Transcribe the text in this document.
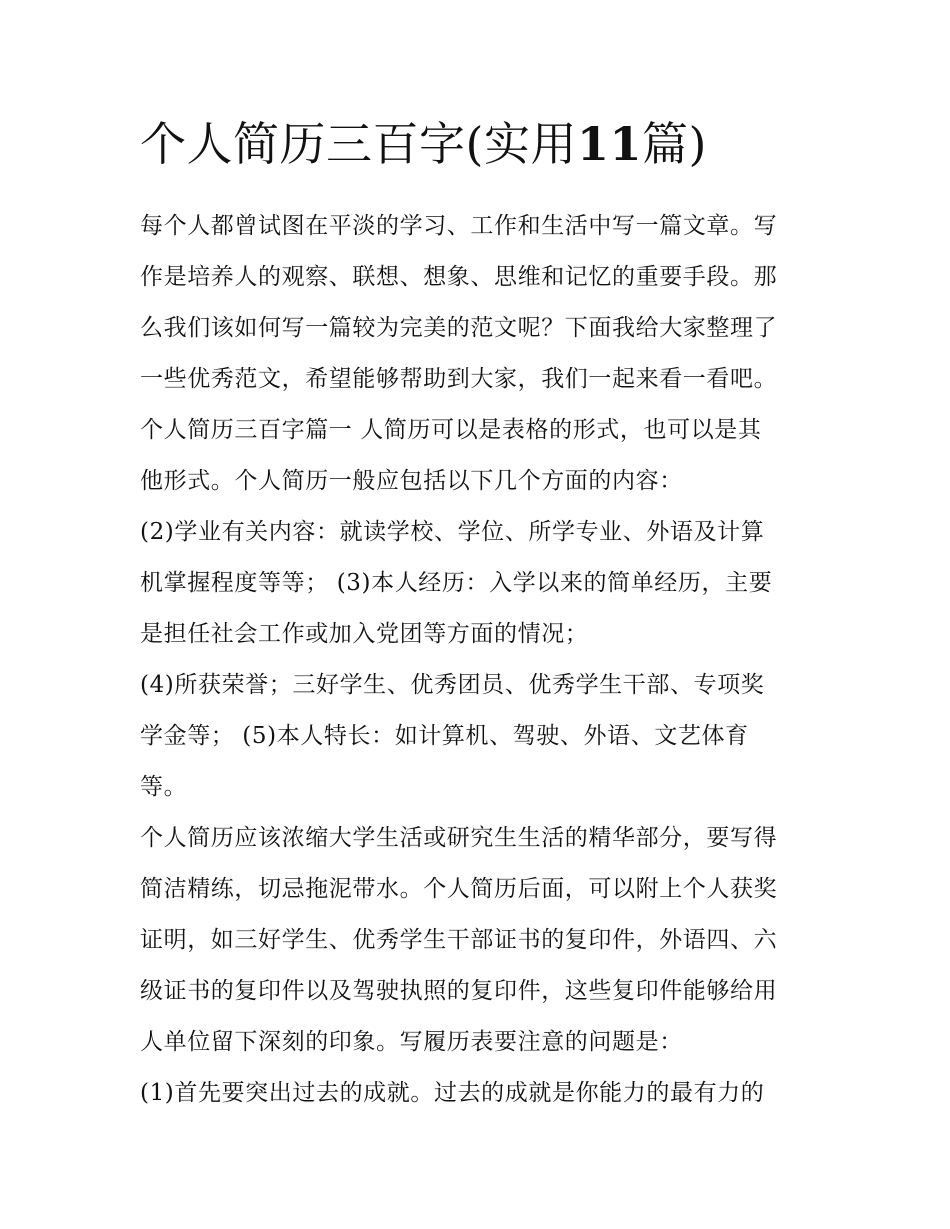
个人简历三百字(实用11篇)
每个人都曾试图在平淡的学习、工作和生活中写一篇文章。写
作是培养人的观察、联想、想象、思维和记忆的重要手段。那
么我们该如何写一篇较为完美的范文呢？下面我给大家整理了
一些优秀范文，希望能够帮助到大家，我们一起来看一看吧。
个人简历三百字篇一 人简历可以是表格的形式，也可以是其
他形式。个人简历一般应包括以下几个方面的内容：
(2)学业有关内容：就读学校、学位、所学专业、外语及计算
机掌握程度等等； (3)本人经历：入学以来的简单经历，主要
是担任社会工作或加入党团等方面的情况；
(4)所获荣誉；三好学生、优秀团员、优秀学生干部、专项奖
学金等； (5)本人特长：如计算机、驾驶、外语、文艺体育
等。
个人简历应该浓缩大学生活或研究生生活的精华部分，要写得
简洁精练，切忌拖泥带水。个人简历后面，可以附上个人获奖
证明，如三好学生、优秀学生干部证书的复印件，外语四、六
级证书的复印件以及驾驶执照的复印件，这些复印件能够给用
人单位留下深刻的印象。写履历表要注意的问题是：
(1)首先要突出过去的成就。过去的成就是你能力的最有力的
